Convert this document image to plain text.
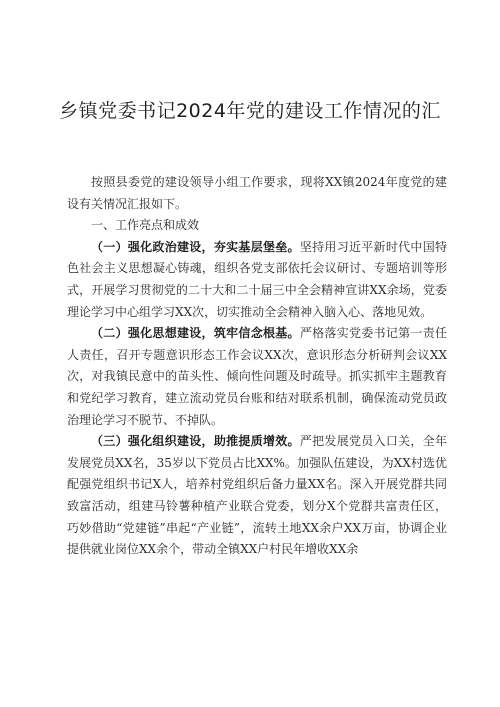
乡镇党委书记2024年党的建设工作情况的汇

按照县委党的建设领导小组工作要求，现将XX镇2024年度党的建设有关情况汇报如下。

一、工作亮点和成效

（一）强化政治建设，夯实基层堡垒。坚持用习近平新时代中国特色社会主义思想凝心铸魂，组织各党支部依托会议研讨、专题培训等形式，开展学习贯彻党的二十大和二十届三中全会精神宣讲XX余场，党委理论学习中心组学习XX次，切实推动全会精神入脑入心、落地见效。

（二）强化思想建设，筑牢信念根基。严格落实党委书记第一责任人责任，召开专题意识形态工作会议XX次，意识形态分析研判会议XX次，对我镇民意中的苗头性、倾向性问题及时疏导。抓实抓牢主题教育和党纪学习教育，建立流动党员台账和结对联系机制，确保流动党员政治理论学习不脱节、不掉队。

（三）强化组织建设，助推提质增效。严把发展党员入口关，全年发展党员XX名，35岁以下党员占比XX%。加强队伍建设，为XX村选优配强党组织书记X人，培养村党组织后备力量XX名。深入开展党群共同致富活动，组建马铃薯种植产业联合党委，划分X个党群共富责任区，巧妙借助“党建链”串起“产业链”，流转土地XX余户XX万亩，协调企业提供就业岗位XX余个，带动全镇XX户村民年增收XX余
